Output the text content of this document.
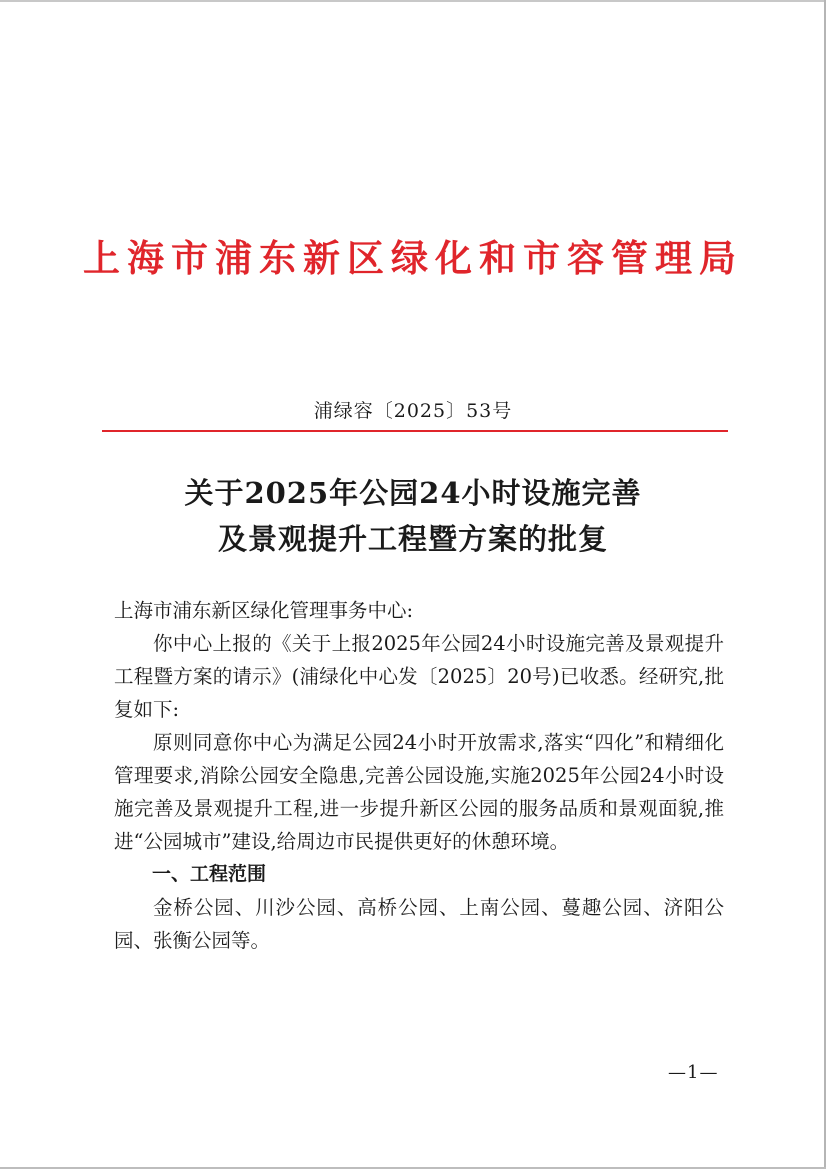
上海市浦东新区绿化和市容管理局
浦绿容〔2025〕53号
关于2025年公园24小时设施完善
及景观提升工程暨方案的批复

上海市浦东新区绿化管理事务中心:

你中心上报的《关于上报2025年公园24小时设施完善及景观提升工程暨方案的请示》(浦绿化中心发〔2025〕20号)已收悉。经研究,批复如下:

原则同意你中心为满足公园24小时开放需求,落实“四化”和精细化管理要求,消除公园安全隐患,完善公园设施,实施2025年公园24小时设施完善及景观提升工程,进一步提升新区公园的服务品质和景观面貌,推进“公园城市”建设,给周边市民提供更好的休憩环境。

一、工程范围

金桥公园、川沙公园、高桥公园、上南公园、蔓趣公园、济阳公园、张衡公园等。

—1—
